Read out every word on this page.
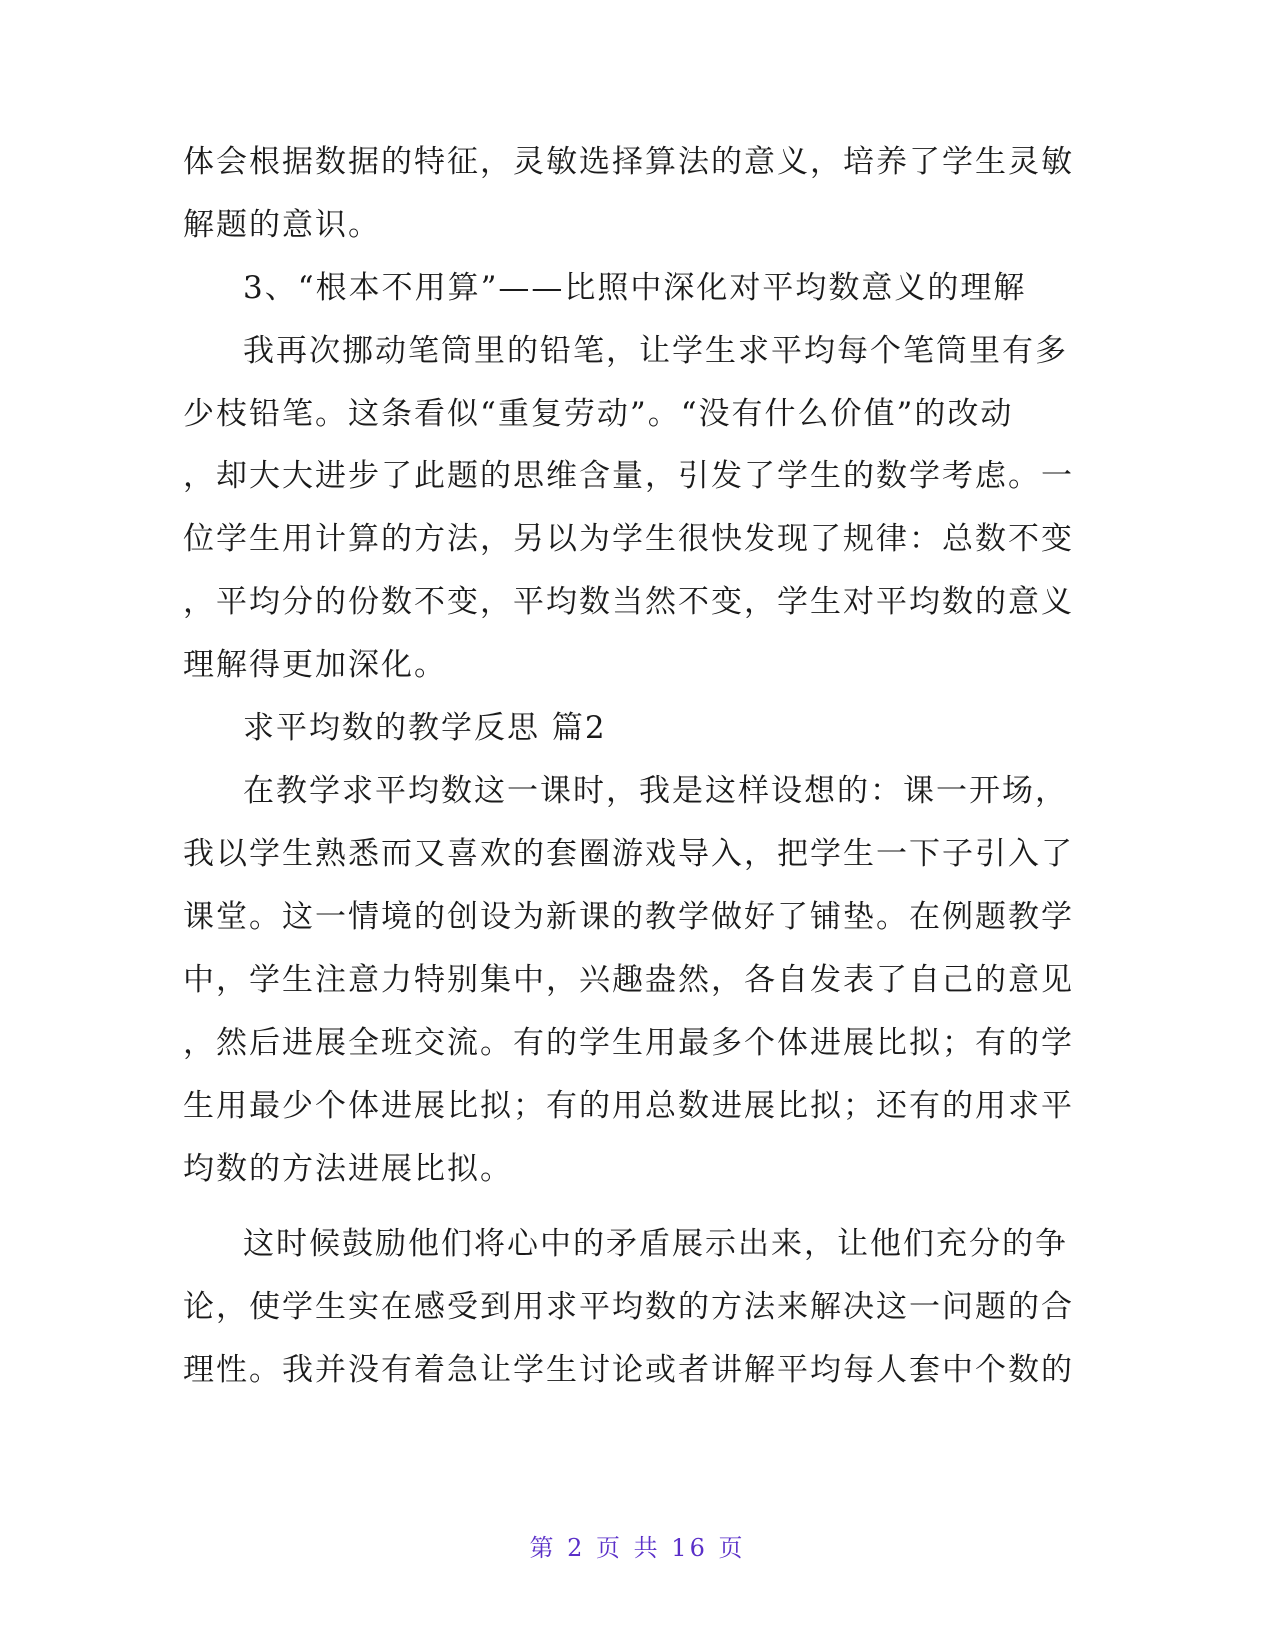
体会根据数据的特征，灵敏选择算法的意义，培养了学生灵敏
解题的意识。
3、“根本不用算”——比照中深化对平均数意义的理解
我再次挪动笔筒里的铅笔，让学生求平均每个笔筒里有多
少枝铅笔。这条看似“重复劳动”。“没有什么价值”的改动
，却大大进步了此题的思维含量，引发了学生的数学考虑。一
位学生用计算的方法，另以为学生很快发现了规律：总数不变
，平均分的份数不变，平均数当然不变，学生对平均数的意义
理解得更加深化。
求平均数的教学反思 篇2
在教学求平均数这一课时，我是这样设想的：课一开场，
我以学生熟悉而又喜欢的套圈游戏导入，把学生一下子引入了
课堂。这一情境的创设为新课的教学做好了铺垫。在例题教学
中，学生注意力特别集中，兴趣盎然，各自发表了自己的意见
，然后进展全班交流。有的学生用最多个体进展比拟；有的学
生用最少个体进展比拟；有的用总数进展比拟；还有的用求平
均数的方法进展比拟。
这时候鼓励他们将心中的矛盾展示出来，让他们充分的争
论，使学生实在感受到用求平均数的方法来解决这一问题的合
理性。我并没有着急让学生讨论或者讲解平均每人套中个数的
第 2 页 共 16 页
